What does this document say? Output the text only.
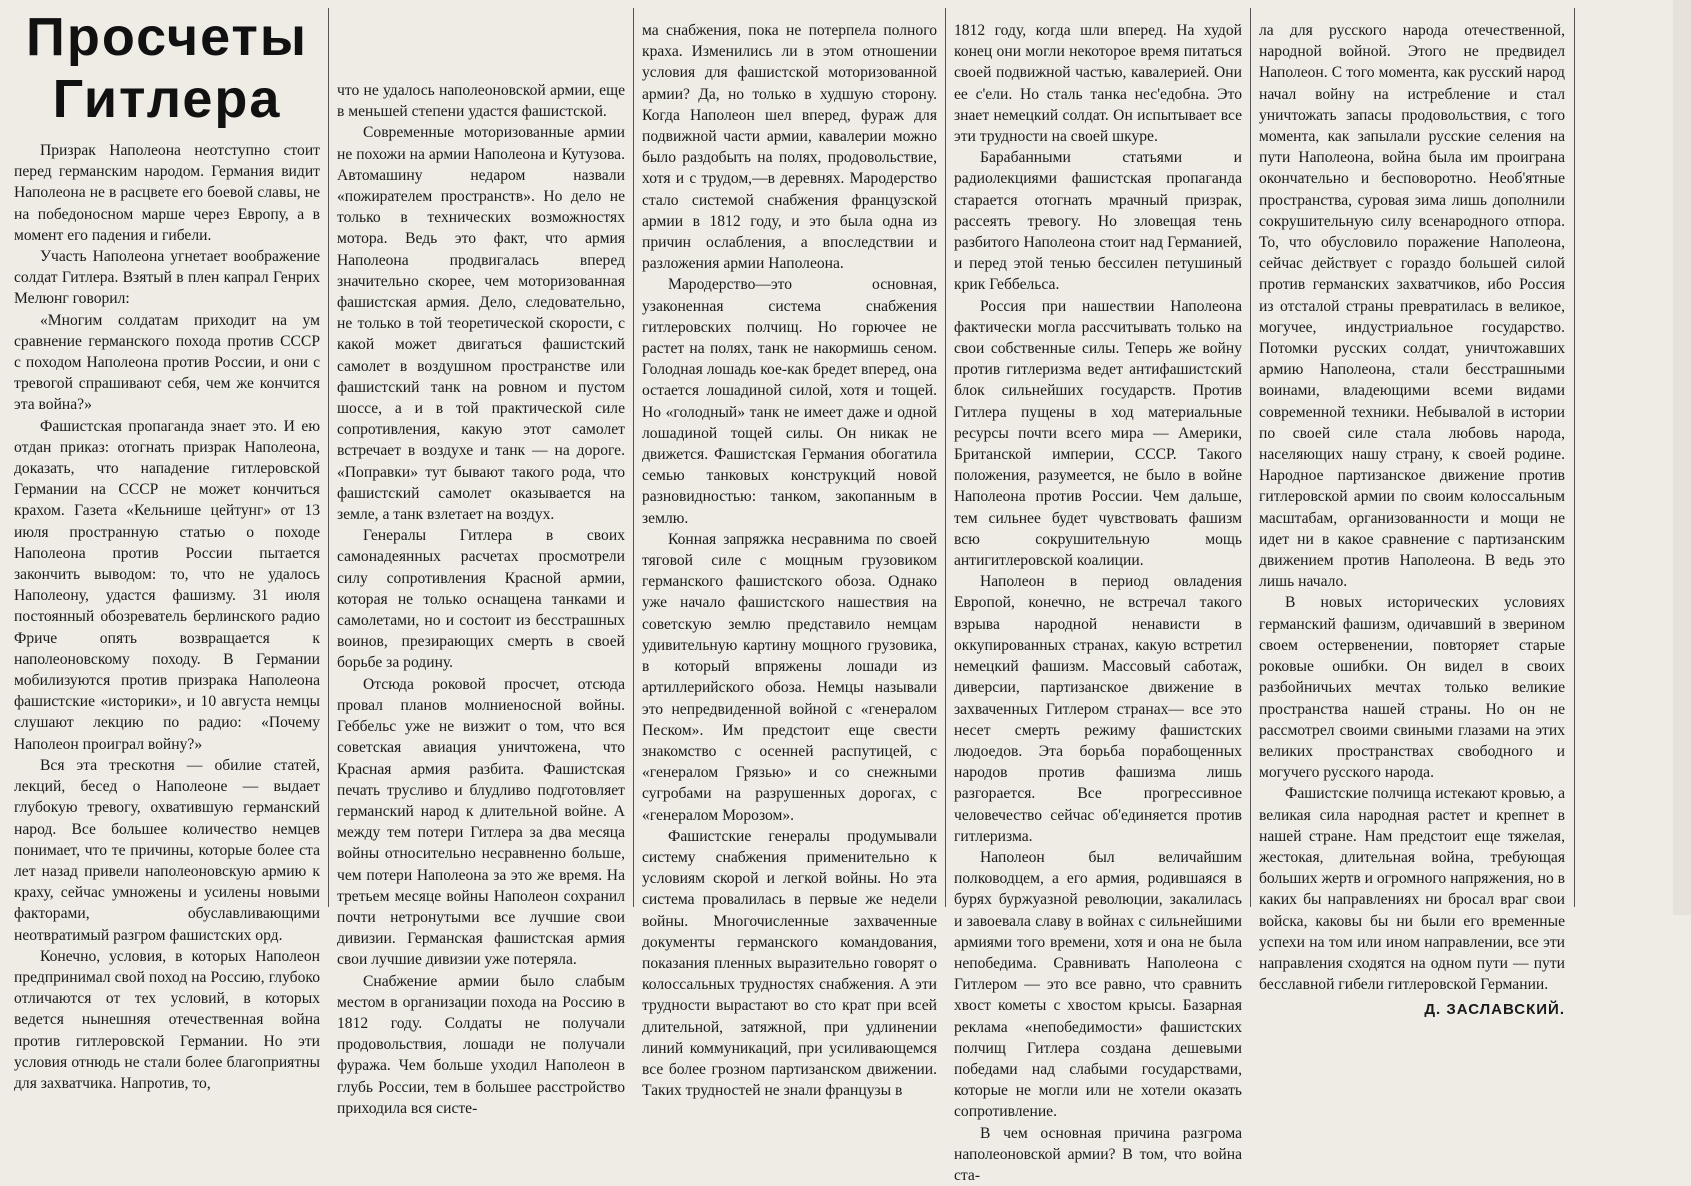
Просчеты Гитлера

Призрак Наполеона неотступно стоит перед германским народом. Германия видит Наполеона не в расцвете его боевой славы, не на победоносном марше через Европу, а в момент его падения и гибели.

Участь Наполеона угнетает воображение солдат Гитлера. Взятый в плен капрал Генрих Мелюнг говорил:

«Многим солдатам приходит на ум сравнение германского похода против СССР с походом Наполеона против России, и они с тревогой спрашивают себя, чем же кончится эта война?»

Фашистская пропаганда знает это. И ею отдан приказ: отогнать призрак Наполеона, доказать, что нападение гитлеровской Германии на СССР не может кончиться крахом. Газета «Кельнише цейтунг» от 13 июля пространную статью о походе Наполеона против России пытается закончить выводом: то, что не удалось Наполеону, удастся фашизму. 31 июля постоянный обозреватель берлинского радио Фриче опять возвращается к наполеоновскому походу. В Германии мобилизуются против призрака Наполеона фашистские «историки», и 10 августа немцы слушают лекцию по радио: «Почему Наполеон проиграл войну?»

Вся эта трескотня — обилие статей, лекций, бесед о Наполеоне — выдает глубокую тревогу, охватившую германский народ. Все большее количество немцев понимает, что те причины, которые более ста лет назад привели наполеоновскую армию к краху, сейчас умножены и усилены новыми факторами, обуславливающими неотвратимый разгром фашистских орд.

Конечно, условия, в которых Наполеон предпринимал свой поход на Россию, глубоко отличаются от тех условий, в которых ведется нынешняя отечественная война против гитлеровской Германии. Но эти условия отнюдь не стали более благоприятны для захватчика. Напротив, то,

что не удалось наполеоновской армии, еще в меньшей степени удастся фашистской.

Современные моторизованные армии не похожи на армии Наполеона и Кутузова. Автомашину недаром назвали «пожирателем пространств». Но дело не только в технических возможностях мотора. Ведь это факт, что армия Наполеона продвигалась вперед значительно скорее, чем моторизованная фашистская армия. Дело, следовательно, не только в той теоретической скорости, с какой может двигаться фашистский самолет в воздушном пространстве или фашистский танк на ровном и пустом шоссе, а и в той практической силе сопротивления, какую этот самолет встречает в воздухе и танк — на дороге. «Поправки» тут бывают такого рода, что фашистский самолет оказывается на земле, а танк взлетает на воздух.

Генералы Гитлера в своих самонадеянных расчетах просмотрели силу сопротивления Красной армии, которая не только оснащена танками и самолетами, но и состоит из бесстрашных воинов, презирающих смерть в своей борьбе за родину.

Отсюда роковой просчет, отсюда провал планов молниеносной войны. Геббельс уже не визжит о том, что вся советская авиация уничтожена, что Красная армия разбита. Фашистская печать трусливо и блудливо подготовляет германский народ к длительной войне. А между тем потери Гитлера за два месяца войны относительно несравненно больше, чем потери Наполеона за это же время. На третьем месяце войны Наполеон сохранил почти нетронутыми все лучшие свои дивизии. Германская фашистская армия свои лучшие дивизии уже потеряла.

Снабжение армии было слабым местом в организации похода на Россию в 1812 году. Солдаты не получали продовольствия, лошади не получали фуража. Чем больше уходил Наполеон в глубь России, тем в большее расстройство приходила вся систе-

ма снабжения, пока не потерпела полного краха. Изменились ли в этом отношении условия для фашистской моторизованной армии? Да, но только в худшую сторону. Когда Наполеон шел вперед, фураж для подвижной части армии, кавалерии можно было раздобыть на полях, продовольствие, хотя и с трудом,—в деревнях. Мародерство стало системой снабжения французской армии в 1812 году, и это была одна из причин ослабления, а впоследствии и разложения армии Наполеона.

Мародерство—это основная, узаконенная система снабжения гитлеровских полчищ. Но горючее не растет на полях, танк не накормишь сеном. Голодная лошадь кое-как бредет вперед, она остается лошадиной силой, хотя и тощей. Но «голодный» танк не имеет даже и одной лошадиной тощей силы. Он никак не движется. Фашистская Германия обогатила семью танковых конструкций новой разновидностью: танком, закопанным в землю.

Конная запряжка несравнима по своей тяговой силе с мощным грузовиком германского фашистского обоза. Однако уже начало фашистского нашествия на советскую землю представило немцам удивительную картину мощного грузовика, в который впряжены лошади из артиллерийского обоза. Немцы называли это непредвиденной войной с «генералом Песком». Им предстоит еще свести знакомство с осенней распутицей, с «генералом Грязью» и со снежными сугробами на разрушенных дорогах, с «генералом Морозом».

Фашистские генералы продумывали систему снабжения применительно к условиям скорой и легкой войны. Но эта система провалилась в первые же недели войны. Многочисленные захваченные документы германского командования, показания пленных выразительно говорят о колоссальных трудностях снабжения. А эти трудности вырастают во сто крат при всей длительной, затяжной, при удлинении линий коммуникаций, при усиливающемся все более грозном партизанском движении. Таких трудностей не знали французы в

1812 году, когда шли вперед. На худой конец они могли некоторое время питаться своей подвижной частью, кавалерией. Они ее с'ели. Но сталь танка нес'едобна. Это знает немецкий солдат. Он испытывает все эти трудности на своей шкуре.

Барабанными статьями и радиолекциями фашистская пропаганда старается отогнать мрачный призрак, рассеять тревогу. Но зловещая тень разбитого Наполеона стоит над Германией, и перед этой тенью бессилен петушиный крик Геббельса.

Россия при нашествии Наполеона фактически могла рассчитывать только на свои собственные силы. Теперь же войну против гитлеризма ведет антифашистский блок сильнейших государств. Против Гитлера пущены в ход материальные ресурсы почти всего мира — Америки, Британской империи, СССР. Такого положения, разумеется, не было в войне Наполеона против России. Чем дальше, тем сильнее будет чувствовать фашизм всю сокрушительную мощь антигитлеровской коалиции.

Наполеон в период овладения Европой, конечно, не встречал такого взрыва народной ненависти в оккупированных странах, какую встретил немецкий фашизм. Массовый саботаж, диверсии, партизанское движение в захваченных Гитлером странах— все это несет смерть режиму фашистских людоедов. Эта борьба порабощенных народов против фашизма лишь разгорается. Все прогрессивное человечество сейчас об'единяется против гитлеризма.

Наполеон был величайшим полководцем, а его армия, родившаяся в бурях буржуазной революции, закалилась и завоевала славу в войнах с сильнейшими армиями того времени, хотя и она не была непобедима. Сравнивать Наполеона с Гитлером — это все равно, что сравнить хвост кометы с хвостом крысы. Базарная реклама «непобедимости» фашистских полчищ Гитлера создана дешевыми победами над слабыми государствами, которые не могли или не хотели оказать сопротивление.

В чем основная причина разгрома наполеоновской армии? В том, что война ста-

ла для русского народа отечественной, народной войной. Этого не предвидел Наполеон. С того момента, как русский народ начал войну на истребление и стал уничтожать запасы продовольствия, с того момента, как запылали русские селения на пути Наполеона, война была им проиграна окончательно и бесповоротно. Необ'ятные пространства, суровая зима лишь дополнили сокрушительную силу всенародного отпора. То, что обусловило поражение Наполеона, сейчас действует с гораздо большей силой против германских захватчиков, ибо Россия из отсталой страны превратилась в великое, могучее, индустриальное государство. Потомки русских солдат, уничтожавших армию Наполеона, стали бесстрашными воинами, владеющими всеми видами современной техники. Небывалой в истории по своей силе стала любовь народа, населяющих нашу страну, к своей родине. Народное партизанское движение против гитлеровской армии по своим колоссальным масштабам, организованности и мощи не идет ни в какое сравнение с партизанским движением против Наполеона. В ведь это лишь начало.

В новых исторических условиях германский фашизм, одичавший в зверином своем остервенении, повторяет старые роковые ошибки. Он видел в своих разбойничьих мечтах только великие пространства нашей страны. Но он не рассмотрел своими свиными глазами на этих великих пространствах свободного и могучего русского народа.

Фашистские полчища истекают кровью, а великая сила народная растет и крепнет в нашей стране. Нам предстоит еще тяжелая, жестокая, длительная война, требующая больших жертв и огромного напряжения, но в каких бы направлениях ни бросал враг свои войска, каковы бы ни были его временные успехи на том или ином направлении, все эти направления сходятся на одном пути — пути бесславной гибели гитлеровской Германии.

Д. ЗАСЛАВСКИЙ.
